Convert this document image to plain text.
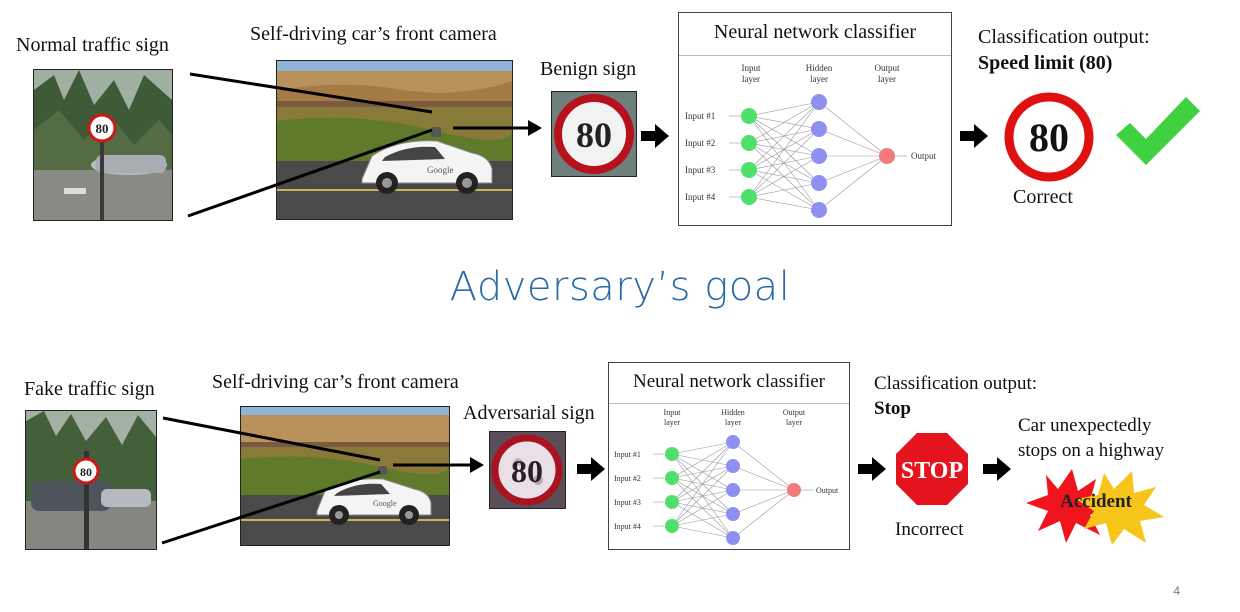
Normal traffic sign	Self-driving car’s front camera
Benign sign
80
Google
80
Neural network classifier
Input
layer
Hidden
layer
Output
layer
Input #1
Input #2
Input #3
Input #4
Output
Classification output:
Speed limit (80)
80
Correct
Adversary’s goal
Fake traffic sign	Self-driving car’s front camera
Adversarial sign
80
Google
80
Neural network classifier
Input
layer
Hidden
layer
Output
layer
Input #1
Input #2
Input #3
Input #4
Output
Classification output:
Stop
STOP
Incorrect
Car unexpectedly
stops on a highway
Accident
4
